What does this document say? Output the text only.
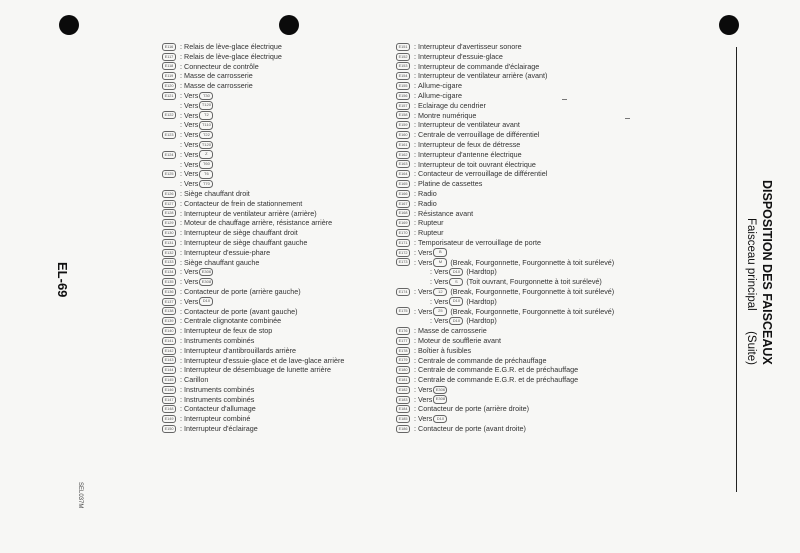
EL-69
SEL037M
E116 : Relais de lève-glace électrique
E117 : Relais de lève-glace électrique
E118 : Connecteur de contrôle
E119 : Masse de carrosserie
E120 : Masse de carrosserie
E121 : Vers	T30
: Vers T120
E122 : Vers	T2
: Vers T110
E123 : Vers	T22
: Vers T120
E124 : Vers	Z
: Vers	T60
E125 : Vers	T6
: Vers	T70
E126 : Siège chauffant droit
E127 : Contacteur de frein de stationnement
E128 : Interrupteur de ventilateur arrière (arrière)
E129 : Moteur de chauffage arrière, résistance arrière
E130 : Interrupteur de siège chauffant droit
E131 : Interrupteur de siège chauffant gauche
E132 : Interrupteur d'essuie-phare
E133 : Siège chauffant gauche
E134 : Vers E306
E135 : Vers E308
E136 : Contacteur de porte (arrière gauche)
E137 : Vers	D10
E138 : Contacteur de porte (avant gauche)
E139 : Centrale clignotante combinée
E140 : Interrupteur de feux de stop
E141 : Instruments combinés
E142 : Interrupteur d'antibrouillards arrière
E143 : Interrupteur d'essuie-glace et de lave-glace arrière
E144 : Interrupteur de désembuage de lunette arrière
E145 : Carillon
E146 : Instruments combinés
E147 : Instruments combinés
E148 : Contacteur d'allumage
E149 : Interrupteur combiné
E150 : Interrupteur d'éclairage
E151 : Interrupteur d'avertisseur sonore
E152 : Interrupteur d'essuie-glace
E153 : Interrupteur de commande d'éclairage
E154 : Interrupteur de ventilateur arrière (avant)
E155 : Allume-cigare
E156 : Allume-cigare
E157 : Eclairage du cendrier
E158 : Montre numérique
E159 : Interrupteur de ventilateur avant
E160 : Centrale de verrouillage de différentiel
E161 : Interrupteur de feux de détresse
E162 : Interrupteur d'antenne électrique
E163 : Interrupteur de toit ouvrant électrique
E164 : Contacteur de verrouillage de différentiel
E165 : Platine de cassettes
E166 : Radio
E167 : Radio
E168 : Résistance avant
E169 : Rupteur
E170 : Rupteur
E171 : Temporisateur de verrouillage de porte
E172 : Vers	B
E173 : Vers	M	(Break, Fourgonnette, Fourgonnette à toit surélevé)
: Vers	D10 (Hardtop)
: Vers	S	(Toit ouvrant, Fourgonnette à toit surélevé)
E174 : Vers	12	(Break, Fourgonnette, Fourgonnette à toit surélevé)
: Vers	D10 (Hardtop)
E175 : Vers	25	(Break, Fourgonnette, Fourgonnette à toit surélevé)
: Vers	D10 (Hardtop)
E176 : Masse de carrosserie
E177 : Moteur de soufflerie avant
E178 : Boîtier à fusibles
E179 : Centrale de commande de préchauffage
E180 : Centrale de commande E.G.R. et de préchauffage
E181 : Centrale de commande E.G.R. et de préchauffage
E182 : Vers E306
E183 : Vers E308
E184 : Contacteur de porte (arrière droite)
E185 : Vers	D10
E186 : Contacteur de porte (avant droite)
DISPOSITION DES FAISCEAUX
Faisceau principal  (Suite)
